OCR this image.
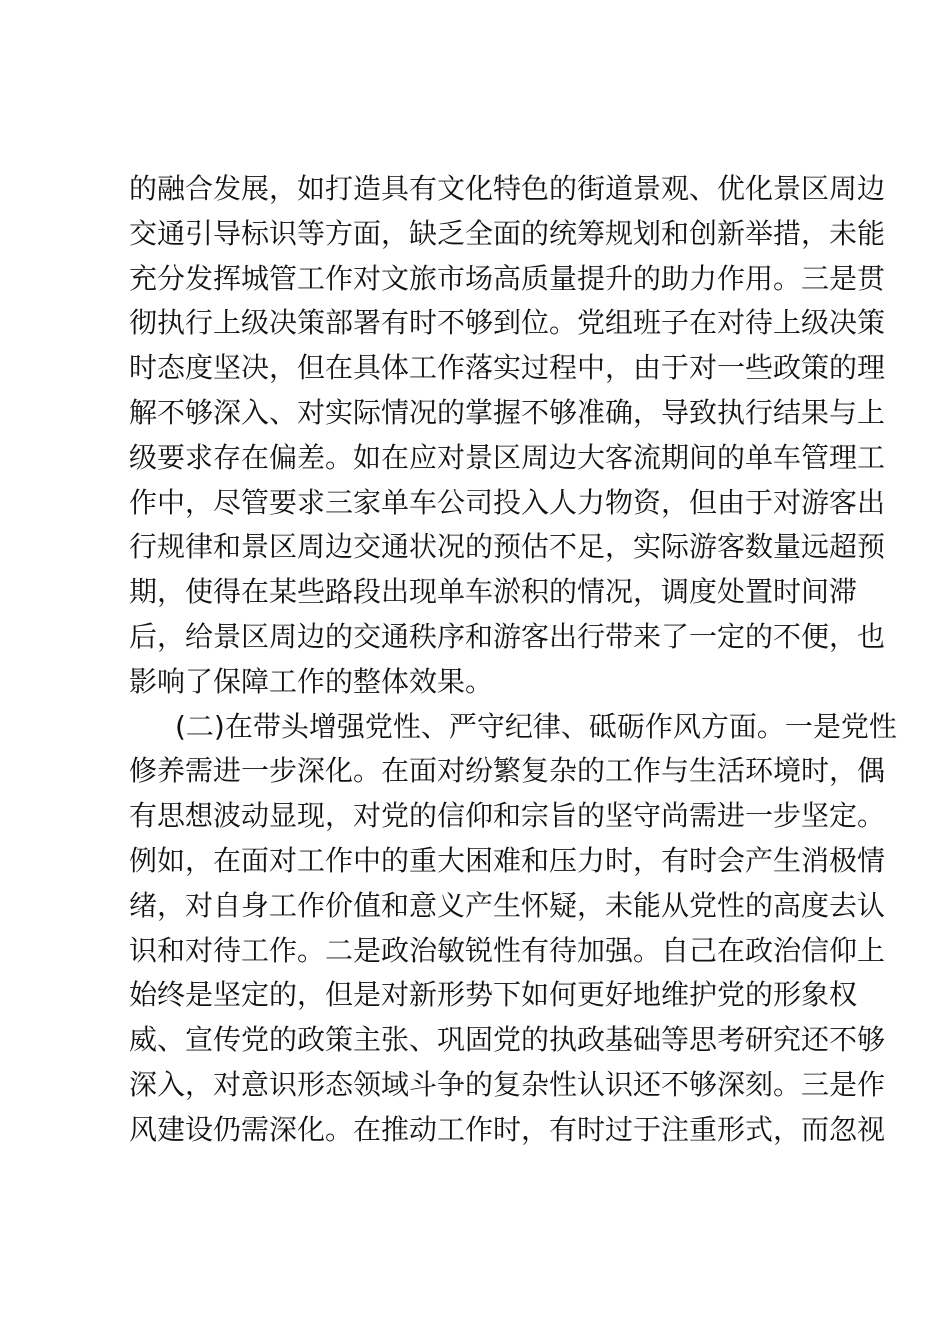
的融合发展，如打造具有文化特色的街道景观、优化景区周边
交通引导标识等方面，缺乏全面的统筹规划和创新举措，未能
充分发挥城管工作对文旅市场高质量提升的助力作用。三是贯
彻执行上级决策部署有时不够到位。党组班子在对待上级决策
时态度坚决，但在具体工作落实过程中，由于对一些政策的理
解不够深入、对实际情况的掌握不够准确，导致执行结果与上
级要求存在偏差。如在应对景区周边大客流期间的单车管理工
作中，尽管要求三家单车公司投入人力物资，但由于对游客出
行规律和景区周边交通状况的预估不足，实际游客数量远超预
期，使得在某些路段出现单车淤积的情况，调度处置时间滞
后，给景区周边的交通秩序和游客出行带来了一定的不便，也
影响了保障工作的整体效果。
(二)在带头增强党性、严守纪律、砥砺作风方面。一是党性
修养需进一步深化。在面对纷繁复杂的工作与生活环境时，偶
有思想波动显现，对党的信仰和宗旨的坚守尚需进一步坚定。
例如，在面对工作中的重大困难和压力时，有时会产生消极情
绪，对自身工作价值和意义产生怀疑，未能从党性的高度去认
识和对待工作。二是政治敏锐性有待加强。自己在政治信仰上
始终是坚定的，但是对新形势下如何更好地维护党的形象权
威、宣传党的政策主张、巩固党的执政基础等思考研究还不够
深入，对意识形态领域斗争的复杂性认识还不够深刻。三是作
风建设仍需深化。在推动工作时，有时过于注重形式，而忽视
